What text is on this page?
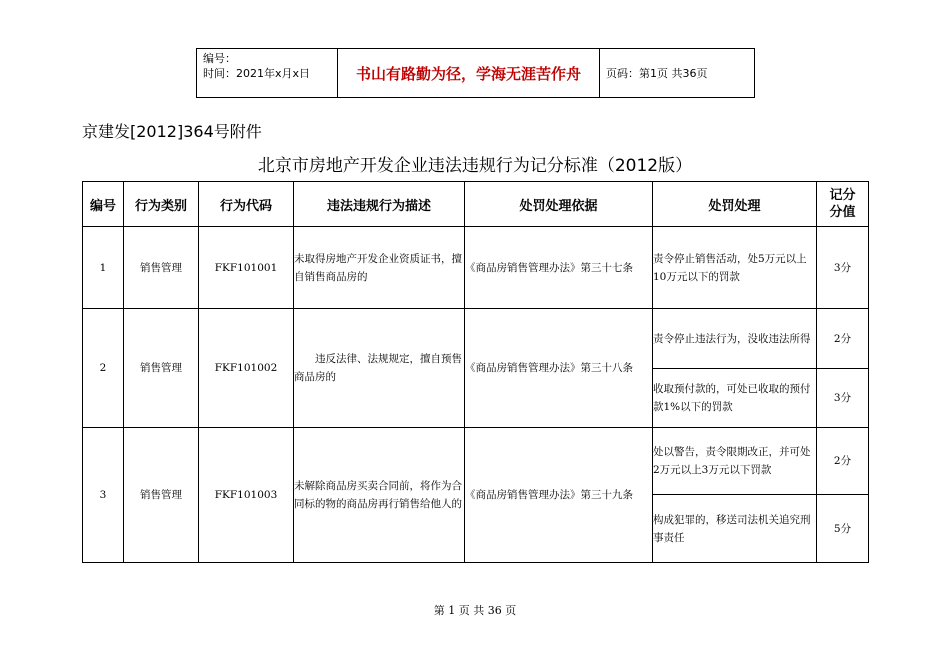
编号：
时间：2021年x月x日	书山有路勤为径，学海无涯苦作舟	页码：第1页 共36页
京建发[2012]364号附件
北京市房地产开发企业违法违规行为记分标准（2012版）
编号	行为类别	行为代码	违法违规行为描述	处罚处理依据	处罚处理	记分分值
1	销售管理	FKF101001	未取得房地产开发企业资质证书，擅自销售商品房的	《商品房销售管理办法》第三十七条	责令停止销售活动，处5万元以上10万元以下的罚款	3分
2	销售管理	FKF101002	违反法律、法规规定，擅自预售商品房的	《商品房销售管理办法》第三十八条	责令停止违法行为，没收违法所得	2分
					收取预付款的，可处已收取的预付款1%以下的罚款	3分
3	销售管理	FKF101003	未解除商品房买卖合同前，将作为合同标的物的商品房再行销售给他人的	《商品房销售管理办法》第三十九条	处以警告，责令限期改正，并可处2万元以上3万元以下罚款	2分
					构成犯罪的，移送司法机关追究刑事责任	5分
第 1 页 共 36 页
